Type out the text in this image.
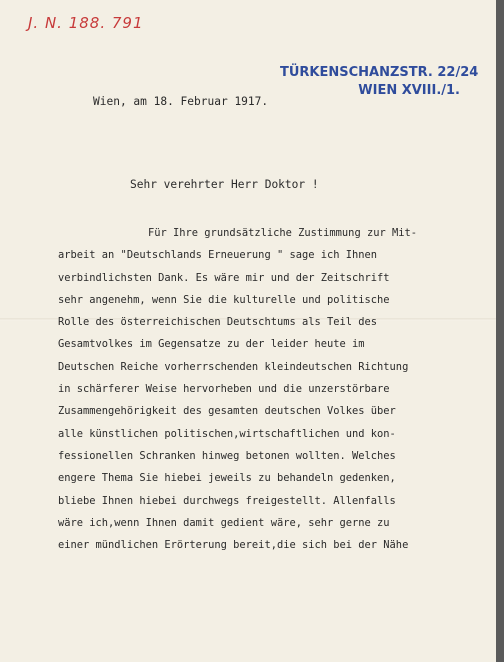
J. N. 188. 791
TÜRKENSCHANZSTR. 22/24
WIEN XVIII./1.
Wien, am 18. Februar 1917.
Sehr verehrter Herr Doktor !
Für Ihre grundsätzliche Zustimmung zur Mit-
arbeit an "Deutschlands Erneuerung " sage ich Ihnen
verbindlichsten Dank. Es wäre mir und der Zeitschrift
sehr angenehm, wenn Sie die kulturelle und politische
Rolle des österreichischen Deutschtums als Teil des
Gesamtvolkes im Gegensatze zu der leider heute im
Deutschen Reiche vorherrschenden kleindeutschen Richtung
in schärferer Weise hervorheben und die unzerstörbare
Zusammengehörigkeit des gesamten deutschen Volkes über
alle künstlichen politischen,wirtschaftlichen und kon-
fessionellen Schranken hinweg betonen wollten. Welches
engere Thema Sie hiebei jeweils zu behandeln gedenken,
bliebe Ihnen hiebei durchwegs freigestellt. Allenfalls
wäre ich,wenn Ihnen damit gedient wäre, sehr gerne zu
einer mündlichen Erörterung bereit,die sich bei der Nähe
